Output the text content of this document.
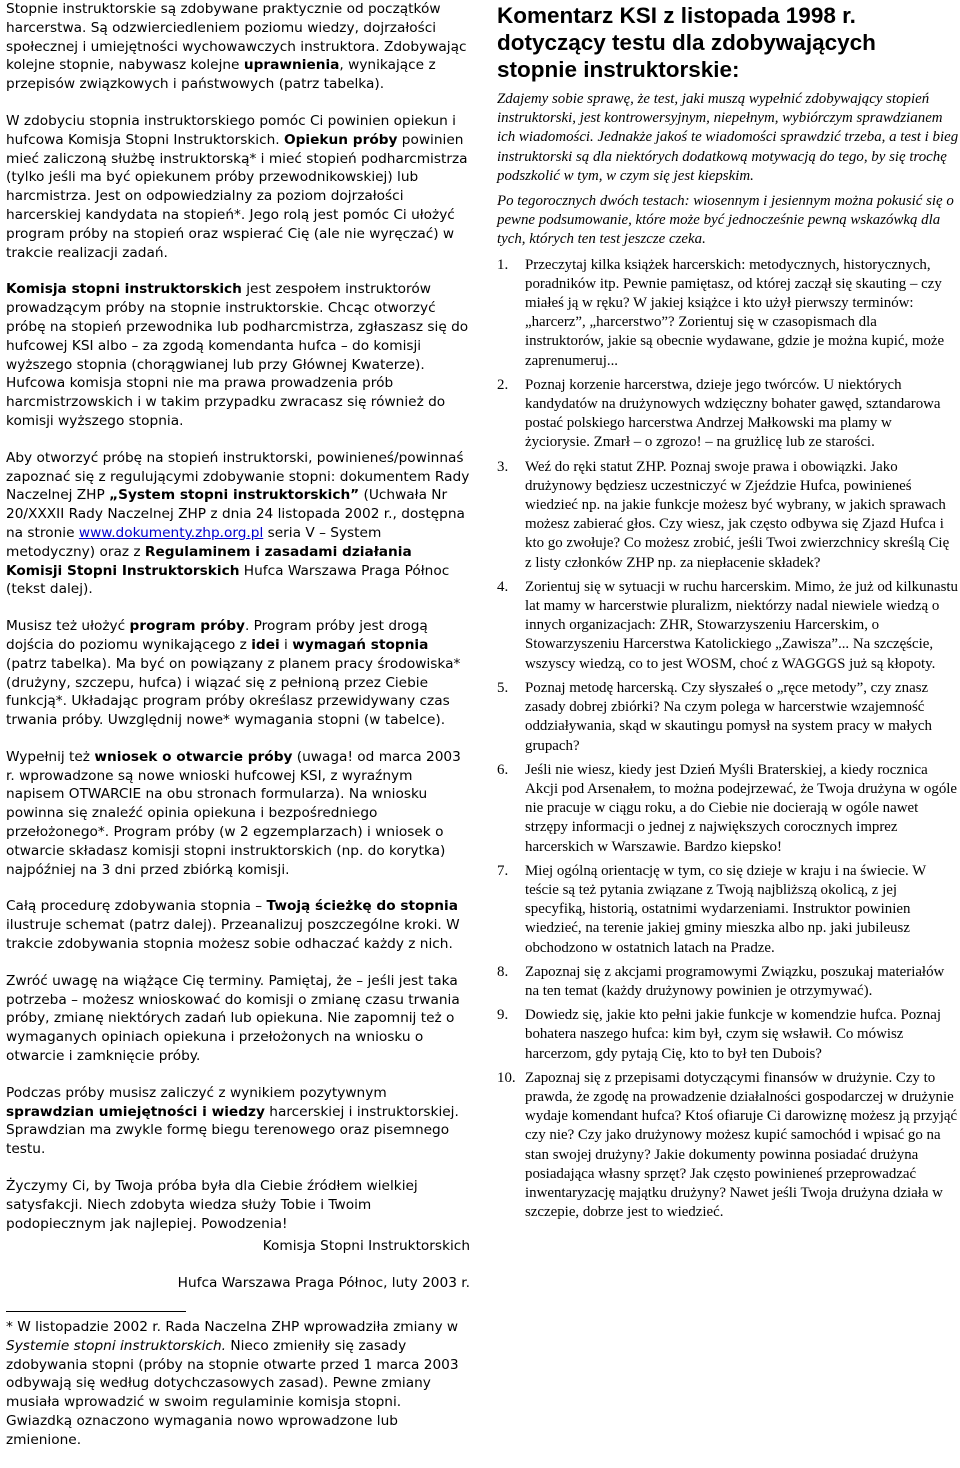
Stopnie instruktorskie są zdobywane praktycznie od początków harcerstwa. Są odzwierciedleniem poziomu wiedzy, dojrzałości społecznej i umiejętności wychowawczych instruktora. Zdobywając kolejne stopnie, nabywasz kolejne uprawnienia, wynikające z przepisów związkowych i państwowych (patrz tabelka).

W zdobyciu stopnia instruktorskiego pomóc Ci powinien opiekun i hufcowa Komisja Stopni Instruktorskich. Opiekun próby powinien mieć zaliczoną służbę instruktorską* i mieć stopień podharcmistrza (tylko jeśli ma być opiekunem próby przewodnikowskiej) lub harcmistrza. Jest on odpowiedzialny za poziom dojrzałości harcerskiej kandydata na stopień*. Jego rolą jest pomóc Ci ułożyć program próby na stopień oraz wspierać Cię (ale nie wyręczać) w trakcie realizacji zadań.

Komisja stopni instruktorskich jest zespołem instruktorów prowadzącym próby na stopnie instruktorskie. Chcąc otworzyć próbę na stopień przewodnika lub podharcmistrza, zgłaszasz się do hufcowej KSI albo – za zgodą komendanta hufca – do komisji wyższego stopnia (chorągwianej lub przy Głównej Kwaterze). Hufcowa komisja stopni nie ma prawa prowadzenia prób harcmistrzowskich i w takim przypadku zwracasz się również do komisji wyższego stopnia.

Aby otworzyć próbę na stopień instruktorski, powinieneś/powinnaś zapoznać się z regulującymi zdobywanie stopni: dokumentem Rady Naczelnej ZHP „System stopni instruktorskich” (Uchwała Nr 20/XXXII Rady Naczelnej ZHP z dnia 24 listopada 2002 r., dostępna na stronie www.dokumenty.zhp.org.pl seria V – System metodyczny) oraz z Regulaminem i zasadami działania Komisji Stopni Instruktorskich Hufca Warszawa Praga Północ (tekst dalej).

Musisz też ułożyć program próby. Program próby jest drogą dojścia do poziomu wynikającego z idei i wymagań stopnia (patrz tabelka). Ma być on powiązany z planem pracy środowiska* (drużyny, szczepu, hufca) i wiązać się z pełnioną przez Ciebie funkcją*. Układając program próby określasz przewidywany czas trwania próby. Uwzględnij nowe* wymagania stopni (w tabelce).

Wypełnij też wniosek o otwarcie próby (uwaga! od marca 2003 r. wprowadzone są nowe wnioski hufcowej KSI, z wyraźnym napisem OTWARCIE na obu stronach formularza). Na wniosku powinna się znaleźć opinia opiekuna i bezpośredniego przełożonego*. Program próby (w 2 egzemplarzach) i wniosek o otwarcie składasz komisji stopni instruktorskich (np. do korytka) najpóźniej na 3 dni przed zbiórką komisji.

Całą procedurę zdobywania stopnia – Twoją ścieżkę do stopnia ilustruje schemat (patrz dalej). Przeanalizuj poszczególne kroki. W trakcie zdobywania stopnia możesz sobie odhaczać każdy z nich.

Zwróć uwagę na wiążące Cię terminy. Pamiętaj, że – jeśli jest taka potrzeba – możesz wnioskować do komisji o zmianę czasu trwania próby, zmianę niektórych zadań lub opiekuna. Nie zapomnij też o wymaganych opiniach opiekuna i przełożonych na wniosku o otwarcie i zamknięcie próby.

Podczas próby musisz zaliczyć z wynikiem pozytywnym sprawdzian umiejętności i wiedzy harcerskiej i instruktorskiej. Sprawdzian ma zwykle formę biegu terenowego oraz pisemnego testu.

Życzymy Ci, by Twoja próba była dla Ciebie źródłem wielkiej satysfakcji. Niech zdobyta wiedza służy Tobie i Twoim podopiecznym jak najlepiej. Powodzenia!

Komisja Stopni Instruktorskich

Hufca Warszawa Praga Północ, luty 2003 r.

* W listopadzie 2002 r. Rada Naczelna ZHP wprowadziła zmiany w Systemie stopni instruktorskich. Nieco zmieniły się zasady zdobywania stopni (próby na stopnie otwarte przed 1 marca 2003 odbywają się według dotychczasowych zasad). Pewne zmiany musiała wprowadzić w swoim regulaminie komisja stopni. Gwiazdką oznaczono wymagania nowo wprowadzone lub zmienione.

Komentarz KSI z listopada 1998 r. dotyczący testu dla zdobywających stopnie instruktorskie:

Zdajemy sobie sprawę, że test, jaki muszą wypełnić zdobywający stopień instruktorski, jest kontrowersyjnym, niepełnym, wybiórczym sprawdzianem ich wiadomości. Jednakże jakoś te wiadomości sprawdzić trzeba, a test i bieg instruktorski są dla niektórych dodatkową motywacją do tego, by się trochę podszkolić w tym, w czym się jest kiepskim.

Po tegorocznych dwóch testach: wiosennym i jesiennym można pokusić się o pewne podsumowanie, które może być jednocześnie pewną wskazówką dla tych, których ten test jeszcze czeka.

1. Przeczytaj kilka książek harcerskich: metodycznych, historycznych, poradników itp. Pewnie pamiętasz, od której zaczął się skauting – czy miałeś ją w ręku? W jakiej książce i kto użył pierwszy terminów: „harcerz”, „harcerstwo”? Zorientuj się w czasopismach dla instruktorów, jakie są obecnie wydawane, gdzie je można kupić, może zaprenumeruj...
2. Poznaj korzenie harcerstwa, dzieje jego twórców. U niektórych kandydatów na drużynowych wdzięczny bohater gawęd, sztandarowa postać polskiego harcerstwa Andrzej Małkowski ma plamy w życiorysie. Zmarł – o zgrozo! – na grużlicę lub ze starości.
3. Weź do ręki statut ZHP. Poznaj swoje prawa i obowiązki. Jako drużynowy będziesz uczestniczyć w Zjeździe Hufca, powinieneś wiedzieć np. na jakie funkcje możesz być wybrany, w jakich sprawach możesz zabierać głos. Czy wiesz, jak często odbywa się Zjazd Hufca i kto go zwołuje? Co możesz zrobić, jeśli Twoi zwierzchnicy skreślą Cię z listy członków ZHP np. za niepłacenie składek?
4. Zorientuj się w sytuacji w ruchu harcerskim. Mimo, że już od kilkunastu lat mamy w harcerstwie pluralizm, niektórzy nadal niewiele wiedzą o innych organizacjach: ZHR, Stowarzyszeniu Harcerskim, o Stowarzyszeniu Harcerstwa Katolickiego „Zawisza”... Na szczęście, wszyscy wiedzą, co to jest WOSM, choć z WAGGGS już są kłopoty.
5. Poznaj metodę harcerską. Czy słyszałeś o „ręce metody”, czy znasz zasady dobrej zbiórki? Na czym polega w harcerstwie wzajemność oddziaływania, skąd w skautingu pomysł na system pracy w małych grupach?
6. Jeśli nie wiesz, kiedy jest Dzień Myśli Braterskiej, a kiedy rocznica Akcji pod Arsenałem, to można podejrzewać, że Twoja drużyna w ogóle nie pracuje w ciągu roku, a do Ciebie nie docierają w ogóle nawet strzępy informacji o jednej z największych corocznych imprez harcerskich w Warszawie. Bardzo kiepsko!
7. Miej ogólną orientację w tym, co się dzieje w kraju i na świecie. W teście są też pytania związane z Twoją najbliższą okolicą, z jej specyfiką, historią, ostatnimi wydarzeniami. Instruktor powinien wiedzieć, na terenie jakiej gminy mieszka albo np. jaki jubileusz obchodzono w ostatnich latach na Pradze.
8. Zapoznaj się z akcjami programowymi Związku, poszukaj materiałów na ten temat (każdy drużynowy powinien je otrzymywać).
9. Dowiedz się, jakie kto pełni jakie funkcje w komendzie hufca. Poznaj bohatera naszego hufca: kim był, czym się wsławił. Co mówisz harcerzom, gdy pytają Cię, kto to był ten Dubois?
10. Zapoznaj się z przepisami dotyczącymi finansów w drużynie. Czy to prawda, że zgodę na prowadzenie działalności gospodarczej w drużynie wydaje komendant hufca? Ktoś ofiaruje Ci darowiznę możesz ją przyjąć czy nie? Czy jako drużynowy możesz kupić samochód i wpisać go na stan swojej drużyny? Jakie dokumenty powinna posiadać drużyna posiadająca własny sprzęt? Jak często powinieneś przeprowadzać inwentaryzację majątku drużyny? Nawet jeśli Twoja drużyna działa w szczepie, dobrze jest to wiedzieć.
